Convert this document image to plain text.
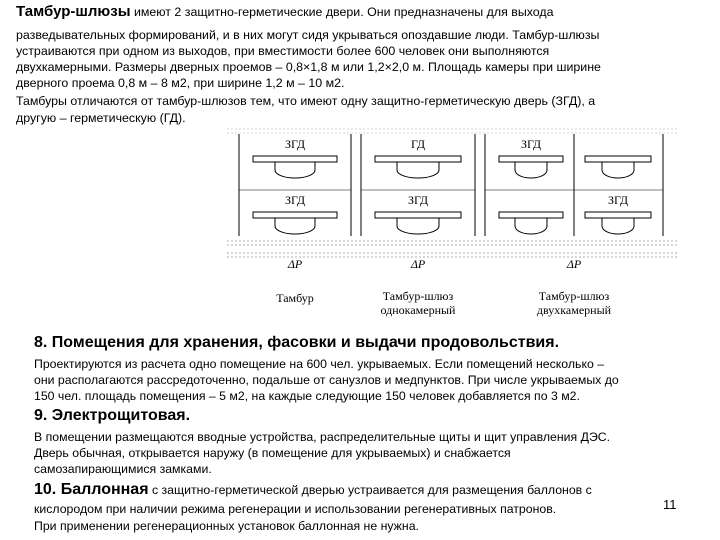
Тамбур-шлюзы имеют 2 защитно-герметические двери. Они предназначены для выхода
разведывательных формирований, и в них могут сидя укрываться опоздавшие люди. Тамбур-шлюзы
устраиваются при одном из выходов, при вместимости более 600 человек они выполняются
двухкамерными. Размеры дверных проемов – 0,8×1,8 м или 1,2×2,0 м. Площадь камеры при ширине
дверного проема 0,8 м – 8 м2, при ширине 1,2 м – 10 м2.
Тамбуры отличаются от тамбур-шлюзов тем, что имеют одну защитно-герметическую дверь (ЗГД), а
другую – герметическую (ГД).
ЗГД
ЗГД
ΔP
Тамбур
ГД
ЗГД
ΔP
Тамбур-шлюз
однокамерный
ЗГД
ЗГД
ΔP
Тамбур-шлюз
двухкамерный
8. Помещения для хранения, фасовки и выдачи продовольствия.
Проектируются из расчета одно помещение на 600 чел. укрываемых. Если помещений несколько –
они располагаются рассредоточенно, подальше от санузлов и медпунктов. При числе укрываемых до
150 чел. площадь помещения – 5 м2, на каждые следующие 150 человек добавляется по 3 м2.
9. Электрощитовая.
В помещении размещаются вводные устройства, распределительные щиты и щит управления ДЭС.
Дверь обычная, открывается наружу (в помещение для укрываемых) и снабжается
самозапирающимися замками.
10. Баллонная с защитно-герметической дверью устраивается для размещения баллонов с
кислородом при наличии режима регенерации и использовании регенеративных патронов.
При применении регенерационных установок баллонная не нужна.
11
